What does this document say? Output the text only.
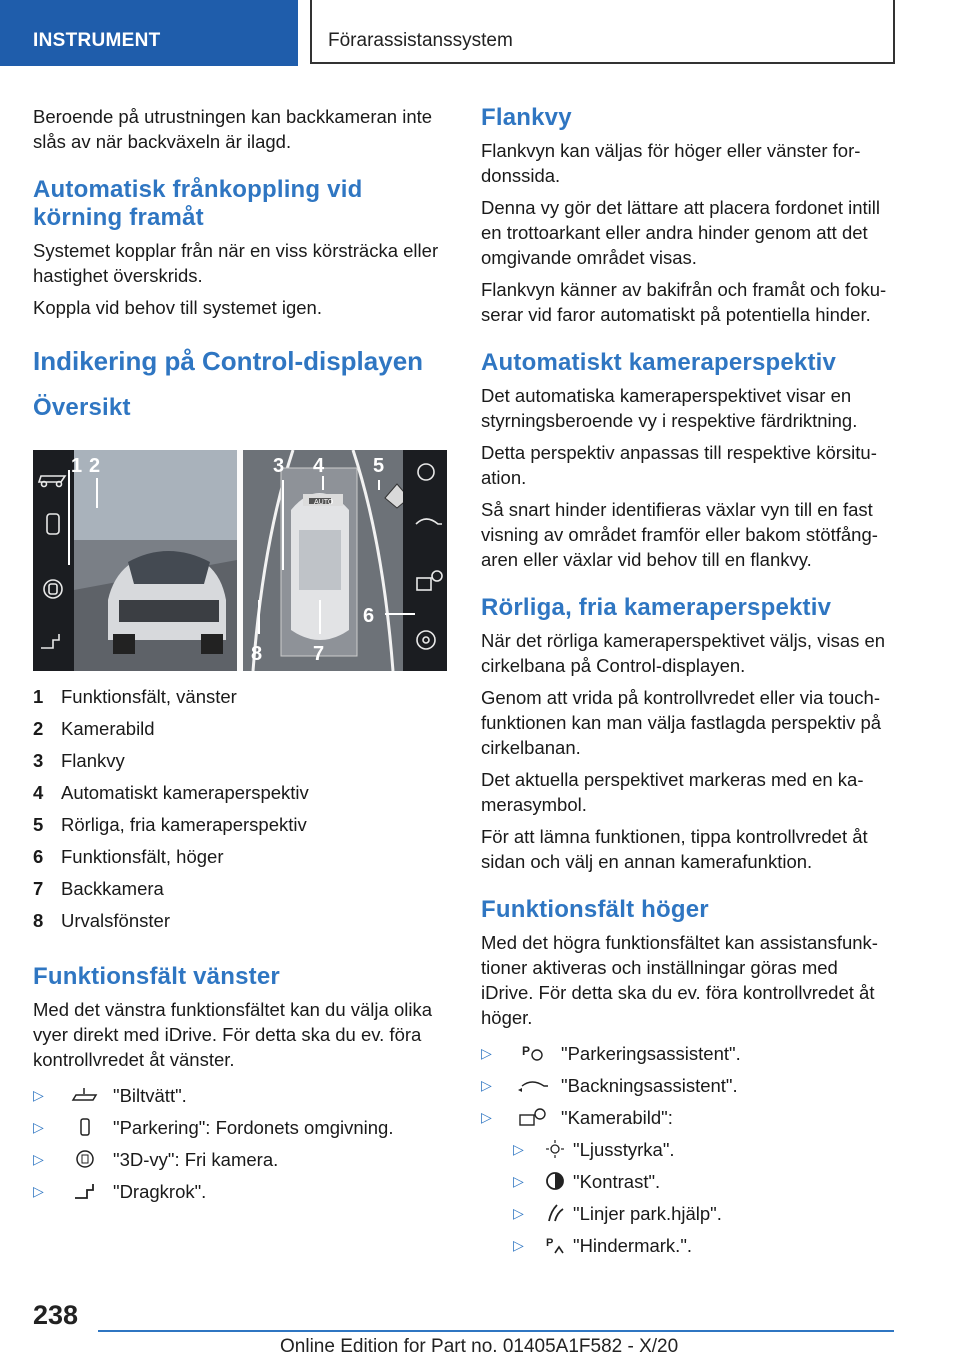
INSTRUMENT	Förarassistanssystem

Beroende på utrustningen kan backkameran inte slås av när backväxeln är ilagd.

Automatisk frånkoppling vid körning framåt

Systemet kopplar från när en viss körsträcka eller hastighet överskrids.

Koppla vid behov till systemet igen.

Indikering på Control-displayen
Översikt
1 2	3 4 5
6
7
8
AUTO
1 Funktionsfält, vänster
2 Kamerabild
3 Flankvy
4 Automatiskt kameraperspektiv
5 Rörliga, fria kameraperspektiv
6 Funktionsfält, höger
7 Backkamera
8 Urvalsfönster
Funktionsfält vänster

Med det vänstra funktionsfältet kan du välja olika vyer direkt med iDrive. För detta ska du ev. föra kontrollvredet åt vänster.

▷	"Biltvätt".
▷	"Parkering": Fordonets omgivning.
▷	"3D-vy": Fri kamera.
▷	"Dragkrok".
Flankvy

Flankvyn kan väljas för höger eller vänster fordonssida.

Denna vy gör det lättare att placera fordonet intill en trottoarkant eller andra hinder genom att det omgivande området visas.

Flankvyn känner av bakifrån och framåt och fokuserar vid faror automatiskt på potentiella hinder.

Automatiskt kameraperspektiv

Det automatiska kameraperspektivet visar en styrningsberoende vy i respektive färdriktning.

Detta perspektiv anpassas till respektive körsituation.

Så snart hinder identifieras växlar vyn till en fast visning av området framför eller bakom stötfångaren eller växlar vid behov till en flankvy.

Rörliga, fria kameraperspektiv

När det rörliga kameraperspektivet väljs, visas en cirkelbana på Control-displayen.

Genom att vrida på kontrollvredet eller via touchfunktionen kan man välja fastlagda perspektiv på cirkelbanan.

Det aktuella perspektivet markeras med en kamerasymbol.

För att lämna funktionen, tippa kontrollvredet åt sidan och välj en annan kamerafunktion.

Funktionsfält höger

Med det högra funktionsfältet kan assistansfunktioner aktiveras och inställningar göras med iDrive. För detta ska du ev. föra kontrollvredet åt höger.

▷	P "Parkeringsassistent".
▷	"Backningsassistent".
▷	"Kamerabild":
▷	"Ljusstyrka".
▷	"Kontrast".
▷	"Linjer park.hjälp".
▷	P "Hindermark.".
238
Online Edition for Part no. 01405A1F582 - X/20
